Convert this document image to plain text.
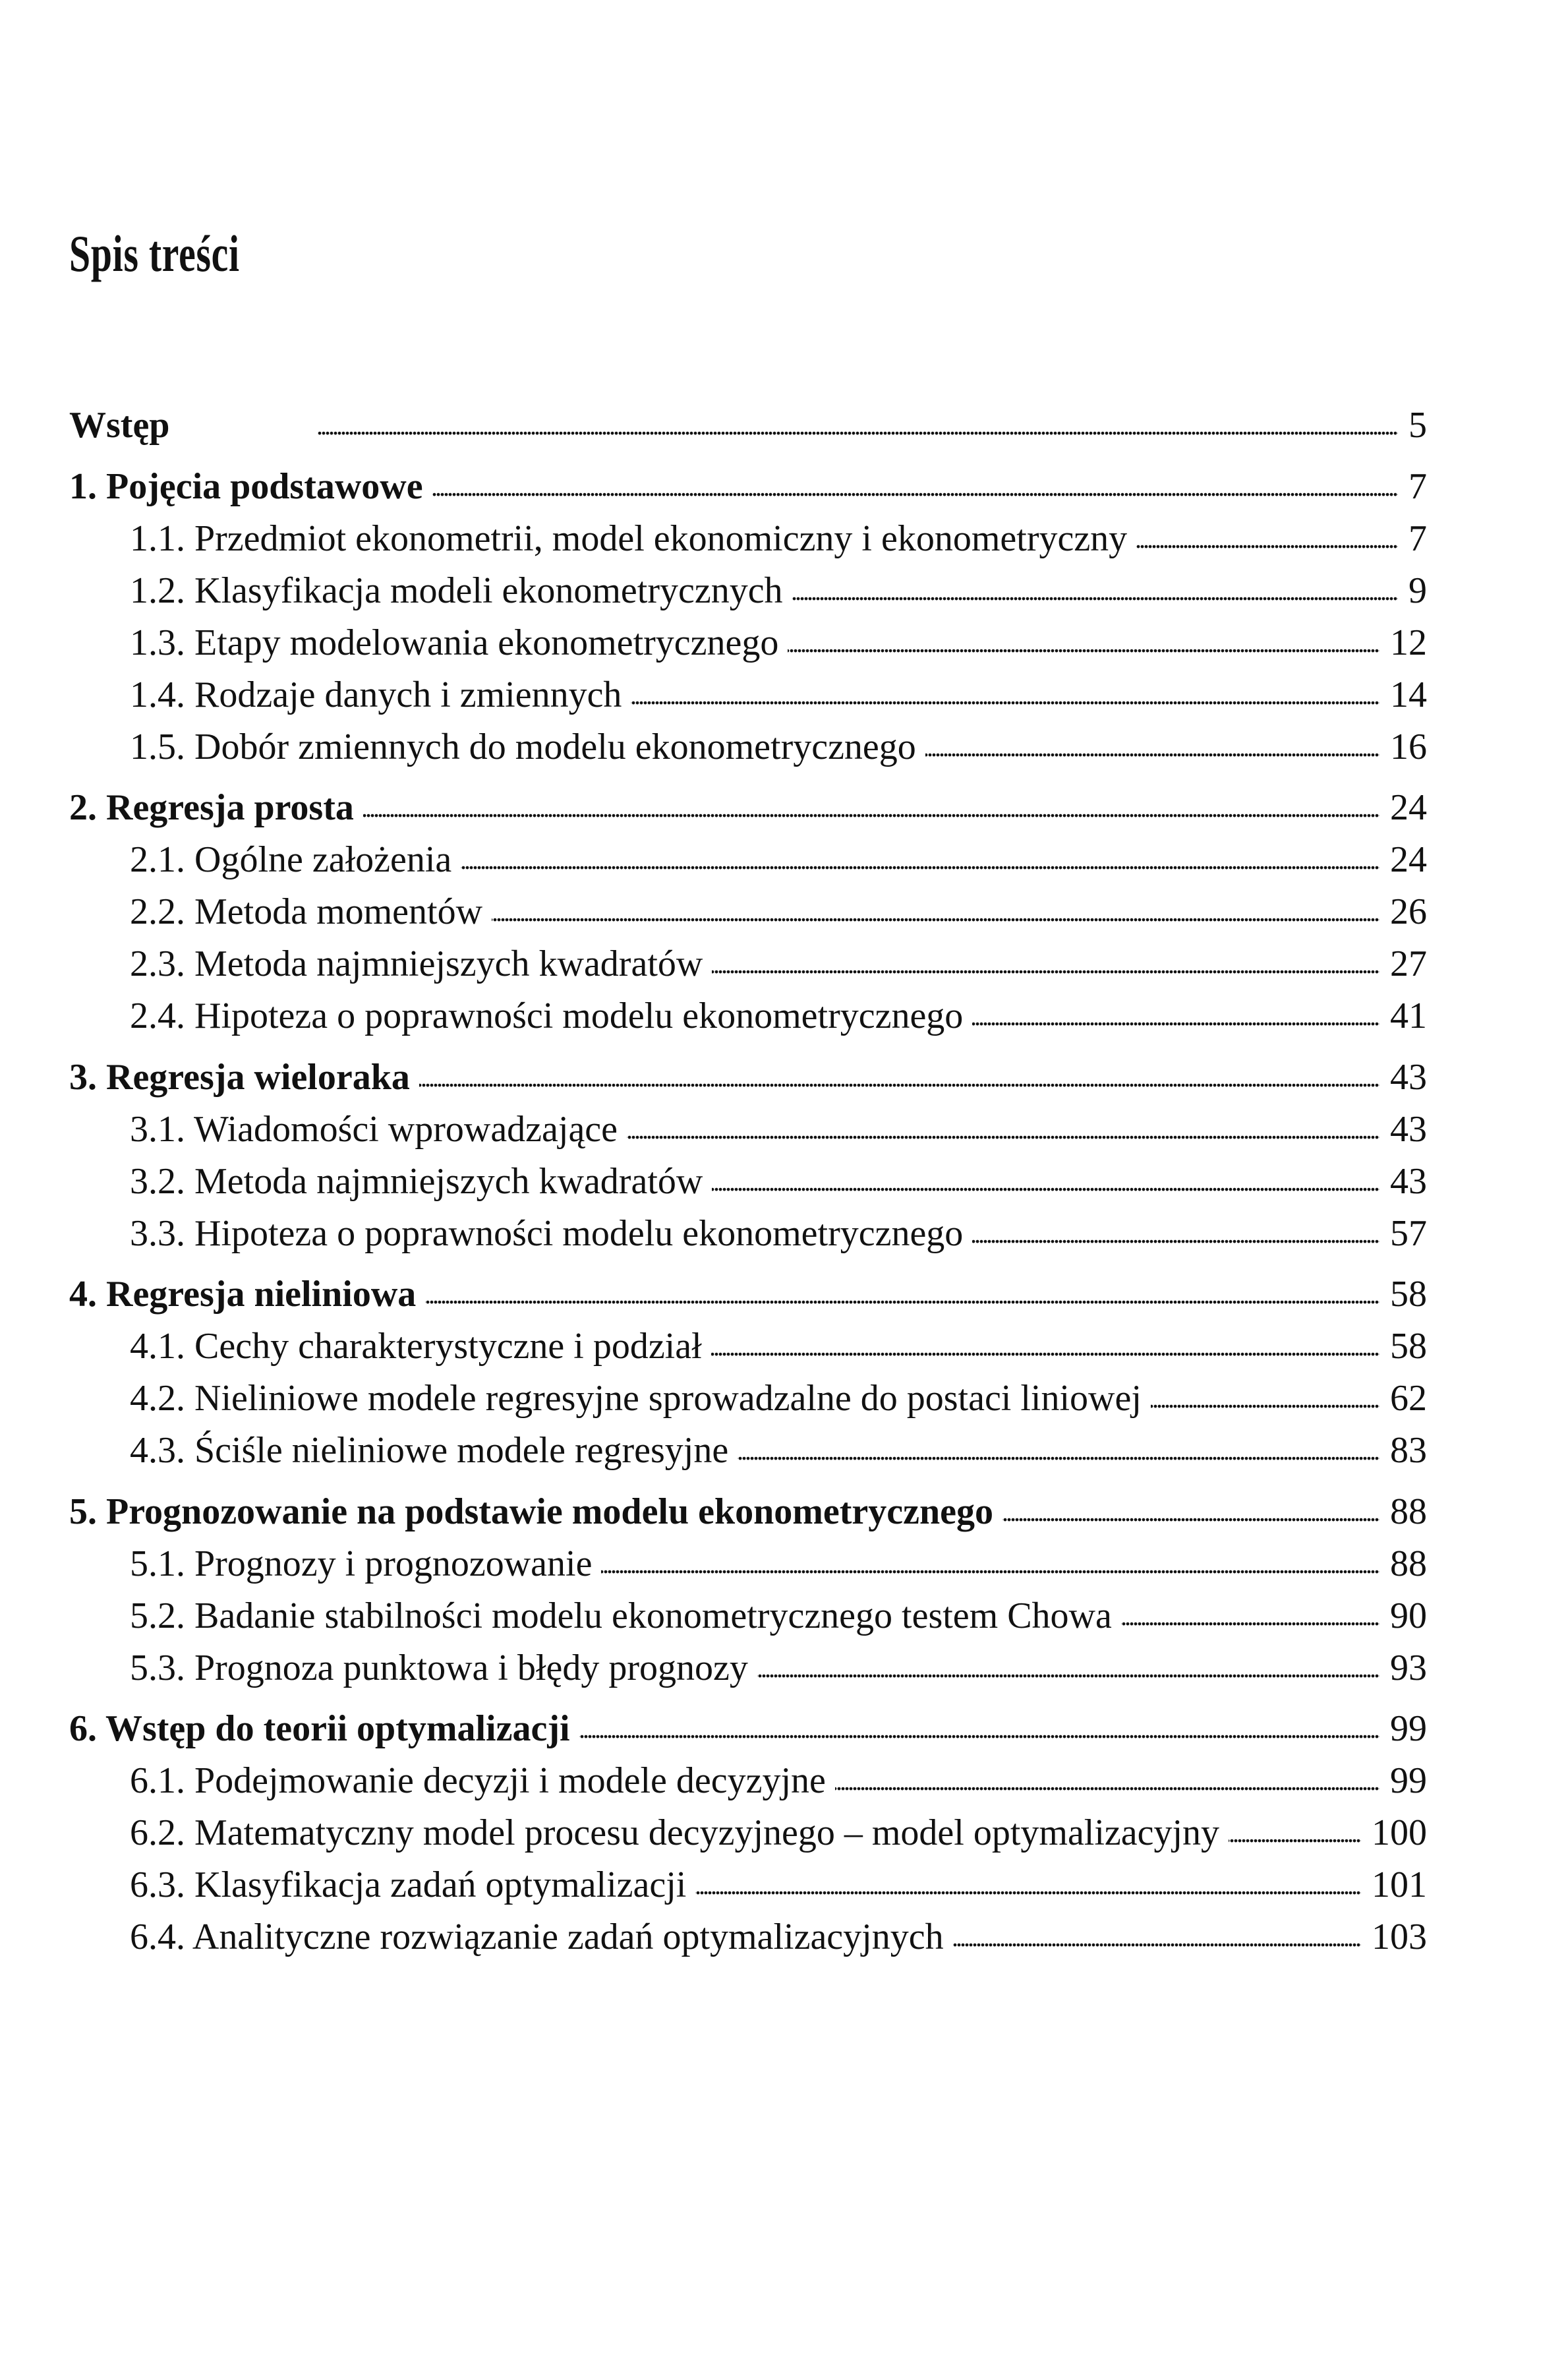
Spis treści
Wstęp . . .	5
1. Pojęcia podstawowe . . .	7
1.1. Przedmiot ekonometrii, model ekonomiczny i ekonometryczny . . .	7
1.2. Klasyfikacja modeli ekonometrycznych . . .	9
1.3. Etapy modelowania ekonometrycznego . . .	12
1.4. Rodzaje danych i zmiennych . . .	14
1.5. Dobór zmiennych do modelu ekonometrycznego . . .	16
2. Regresja prosta . . .	24
2.1. Ogólne założenia . . .	24
2.2. Metoda momentów . . .	26
2.3. Metoda najmniejszych kwadratów . . .	27
2.4. Hipoteza o poprawności modelu ekonometrycznego . . .	41
3. Regresja wieloraka . . .	43
3.1. Wiadomości wprowadzające . . .	43
3.2. Metoda najmniejszych kwadratów . . .	43
3.3. Hipoteza o poprawności modelu ekonometrycznego . . .	57
4. Regresja nieliniowa . . .	58
4.1. Cechy charakterystyczne i podział . . .	58
4.2. Nieliniowe modele regresyjne sprowadzalne do postaci liniowej . . .	62
4.3. Ściśle nieliniowe modele regresyjne . . .	83
5. Prognozowanie na podstawie modelu ekonometrycznego . . .	88
5.1. Prognozy i prognozowanie . . .	88
5.2. Badanie stabilności modelu ekonometrycznego testem Chowa . . .	90
5.3. Prognoza punktowa i błędy prognozy . . .	93
6. Wstęp do teorii optymalizacji . . .	99
6.1. Podejmowanie decyzji i modele decyzyjne . . .	99
6.2. Matematyczny model procesu decyzyjnego – model optymalizacyjny . . .	100
6.3. Klasyfikacja zadań optymalizacji . . .	101
6.4. Analityczne rozwiązanie zadań optymalizacyjnych . . .	103
